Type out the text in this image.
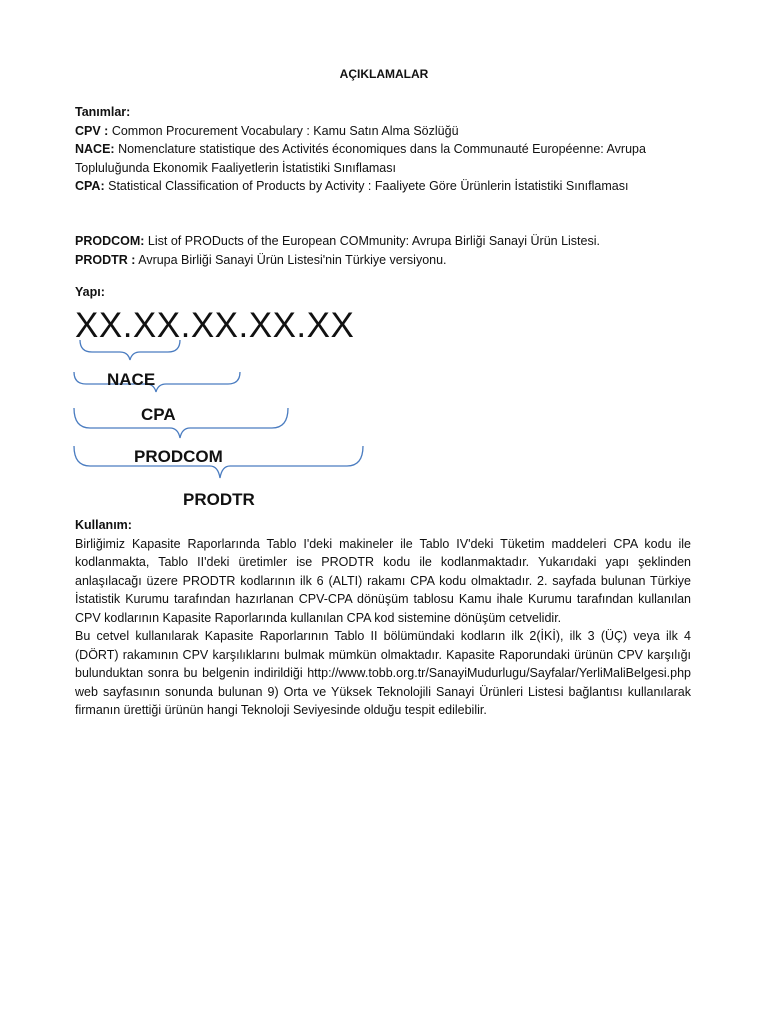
AÇIKLAMALAR
Tanımlar:
CPV : Common Procurement Vocabulary : Kamu Satın Alma Sözlüğü
NACE: Nomenclature statistique des Activités économiques dans la Communauté Européenne: Avrupa Topluluğunda Ekonomik Faaliyetlerin İstatistiki Sınıflaması
CPA: Statistical Classification of Products by Activity : Faaliyete Göre Ürünlerin İstatistiki Sınıflaması
PRODCOM: List of PRODucts of the European COMmunity: Avrupa Birliği Sanayi Ürün Listesi.
PRODTR : Avrupa Birliği Sanayi Ürün Listesi'nin Türkiye versiyonu.
Yapı:
XX.XX.XX.XX.XX
NACE
CPA
PRODCOM
PRODTR
Kullanım:

Birliğimiz Kapasite Raporlarında Tablo I'deki makineler ile Tablo IV'deki Tüketim maddeleri CPA kodu ile kodlanmakta, Tablo II'deki üretimler ise PRODTR kodu ile kodlanmaktadır. Yukarıdaki yapı şeklinden anlaşılacağı üzere PRODTR kodlarının ilk 6 (ALTI) rakamı CPA kodu olmaktadır. 2. sayfada bulunan Türkiye İstatistik Kurumu tarafından hazırlanan CPV-CPA dönüşüm tablosu Kamu ihale Kurumu tarafından kullanılan CPV kodlarının Kapasite Raporlarında kullanılan CPA kod sistemine dönüşüm cetvelidir.

Bu cetvel kullanılarak Kapasite Raporlarının Tablo II bölümündaki kodların ilk 2(İKİ), ilk 3 (ÜÇ) veya ilk 4 (DÖRT) rakamının CPV karşılıklarını bulmak mümkün olmaktadır. Kapasite Raporundaki ürünün CPV karşılığı bulunduktan sonra bu belgenin indirildiği http://www.tobb.org.tr/SanayiMudurlugu/Sayfalar/YerliMaliBelgesi.php web sayfasının sonunda bulunan 9) Orta ve Yüksek Teknolojili Sanayi Ürünleri Listesi bağlantısı kullanılarak firmanın ürettiği ürünün hangi Teknoloji Seviyesinde olduğu tespit edilebilir.
